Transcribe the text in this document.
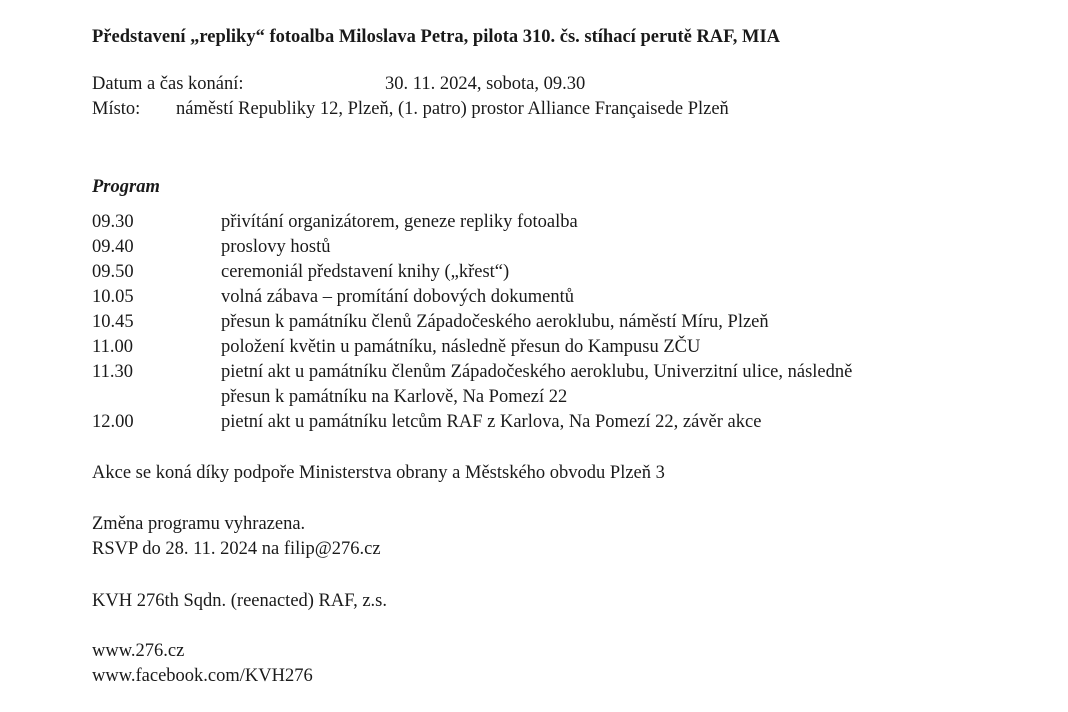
Představení „repliky“ fotoalba Miloslava Petra, pilota 310. čs. stíhací perutě RAF, MIA
Datum a čas konání:	30. 11. 2024, sobota, 09.30
Místo: náměstí Republiky 12, Plzeň, (1. patro) prostor Alliance Françaisede Plzeň
Program
09.30	přivítání organizátorem, geneze repliky fotoalba
09.40	proslovy hostů
09.50	ceremoniál představení knihy („křest“)
10.05	volná zábava – promítání dobových dokumentů
10.45	přesun k památníku členů Západočeského aeroklubu, náměstí Míru, Plzeň
11.00	položení květin u památníku, následně přesun do Kampusu ZČU
11.30	pietní akt u památníku členům Západočeského aeroklubu, Univerzitní ulice, následně
přesun k památníku na Karlově, Na Pomezí 22
12.00	pietní akt u památníku letcům RAF z Karlova, Na Pomezí 22, závěr akce
Akce se koná díky podpoře Ministerstva obrany a Městského obvodu Plzeň 3
Změna programu vyhrazena.
RSVP do 28. 11. 2024 na filip@276.cz
KVH 276th Sqdn. (reenacted) RAF, z.s.
www.276.cz
www.facebook.com/KVH276
